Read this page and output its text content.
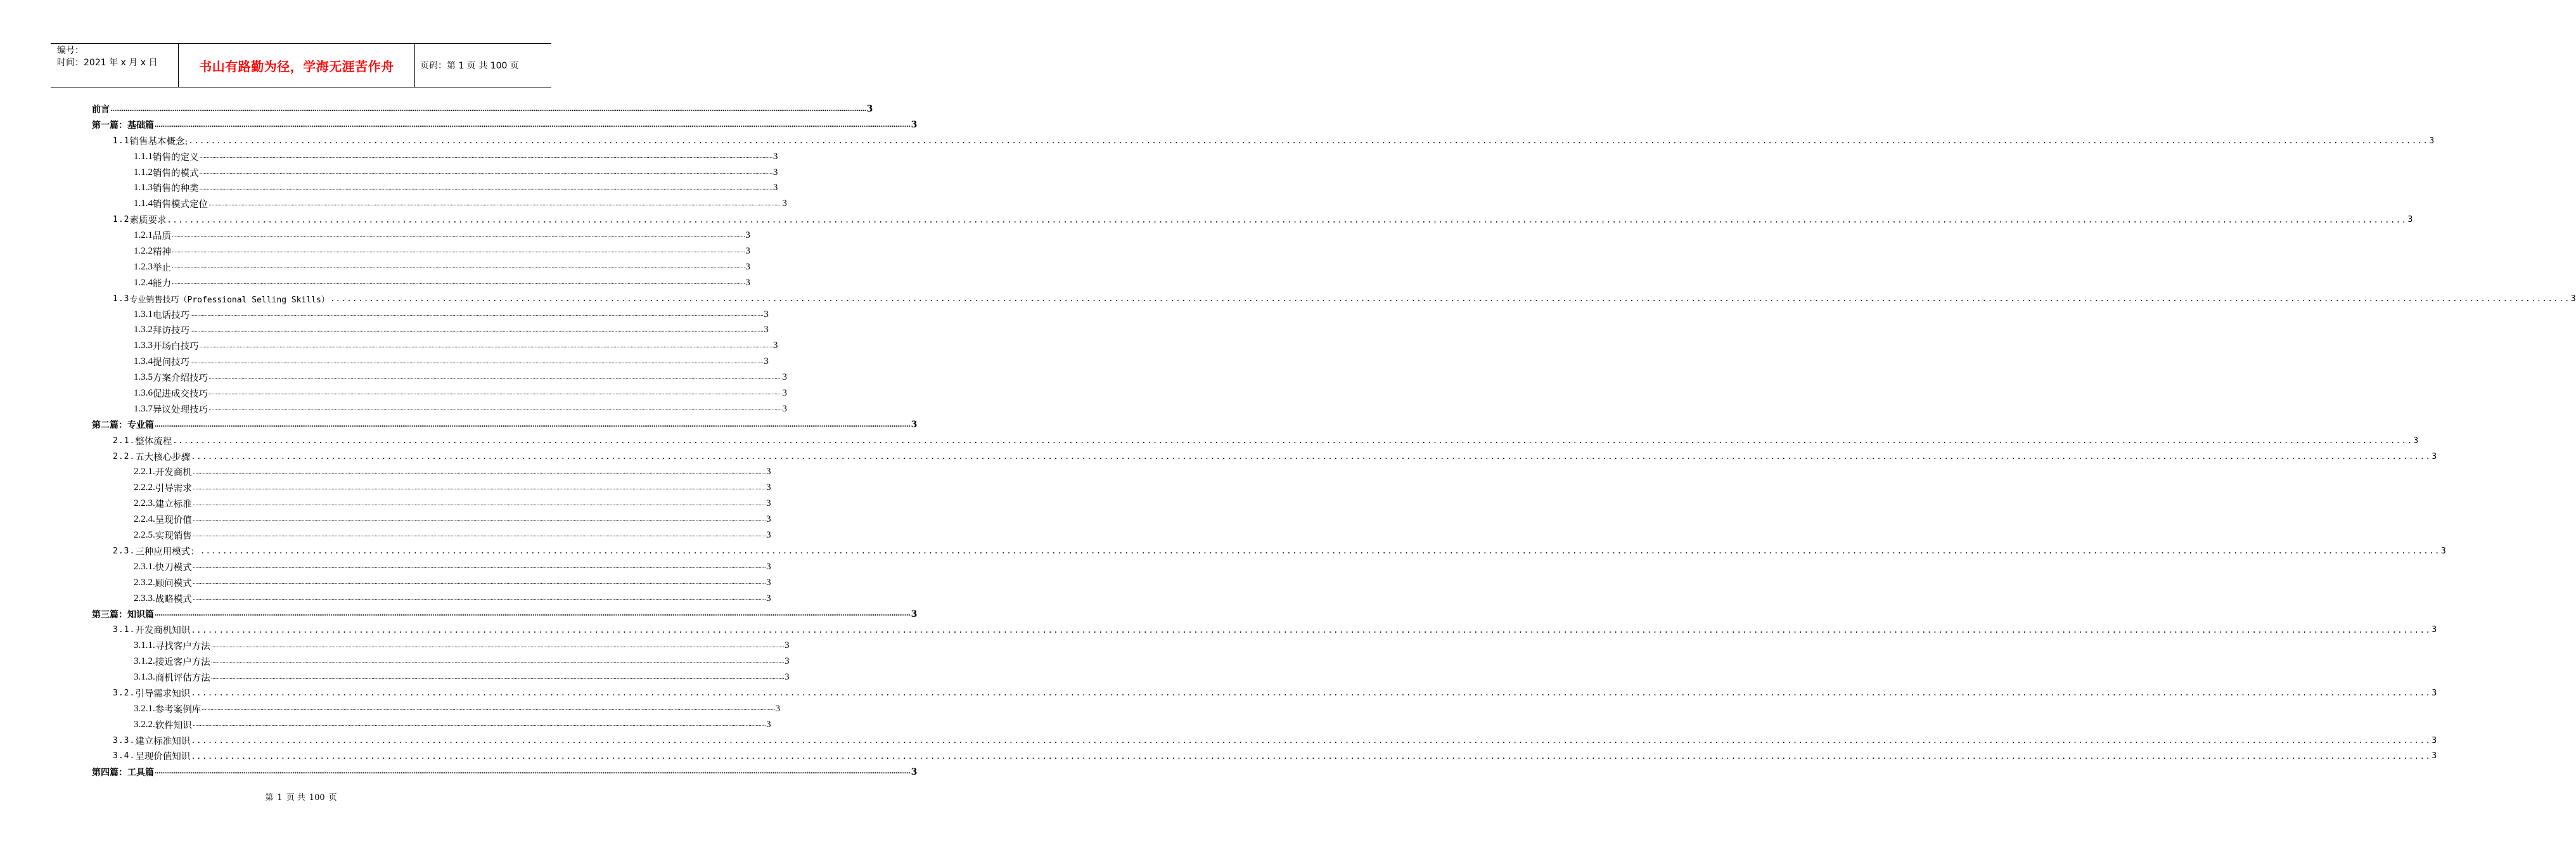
编号：
时间：2021 年 x 月 x 日	书山有路勤为径，学海无涯苦作舟	页码：第 1 页 共 100 页
前言 ................................................................................................................................................................................................................................................................................................................................................................................................................ 3
第一篇：基础篇 ................................................................................................................................................................................................................................................................................................................................................................................................................ 3
1.1 销售基本概念: ................................................................................................................................................................................................................................................................................................................................................................................................................ 3
1.1.1 销售的定义 ................................................................................................................................................................................................................................................................................................................................................................................................................ 3
1.1.2 销售的模式 ................................................................................................................................................................................................................................................................................................................................................................................................................ 3
1.1.3 销售的种类 ................................................................................................................................................................................................................................................................................................................................................................................................................ 3
1.1.4 销售模式定位 ................................................................................................................................................................................................................................................................................................................................................................................................................ 3
1.2 素质要求 ................................................................................................................................................................................................................................................................................................................................................................................................................ 3
1.2.1 品质 ................................................................................................................................................................................................................................................................................................................................................................................................................ 3
1.2.2 精神 ................................................................................................................................................................................................................................................................................................................................................................................................................ 3
1.2.3 举止 ................................................................................................................................................................................................................................................................................................................................................................................................................ 3
1.2.4 能力 ................................................................................................................................................................................................................................................................................................................................................................................................................ 3
1.3 专业销售技巧（Professional Selling Skills） ................................................................................................................................................................................................................................................................................................................................................................................................................ 3
1.3.1 电话技巧 ................................................................................................................................................................................................................................................................................................................................................................................................................ 3
1.3.2 拜访技巧 ................................................................................................................................................................................................................................................................................................................................................................................................................ 3
1.3.3 开场白技巧 ................................................................................................................................................................................................................................................................................................................................................................................................................ 3
1.3.4 提问技巧 ................................................................................................................................................................................................................................................................................................................................................................................................................ 3
1.3.5 方案介绍技巧 ................................................................................................................................................................................................................................................................................................................................................................................................................ 3
1.3.6 促进成交技巧 ................................................................................................................................................................................................................................................................................................................................................................................................................ 3
1.3.7 异议处理技巧 ................................................................................................................................................................................................................................................................................................................................................................................................................ 3
第二篇：专业篇 ................................................................................................................................................................................................................................................................................................................................................................................................................ 3
2.1. 整体流程 ................................................................................................................................................................................................................................................................................................................................................................................................................ 3
2.2. 五大核心步骤 ................................................................................................................................................................................................................................................................................................................................................................................................................ 3
2.2.1. 开发商机 ................................................................................................................................................................................................................................................................................................................................................................................................................ 3
2.2.2. 引导需求 ................................................................................................................................................................................................................................................................................................................................................................................................................ 3
2.2.3. 建立标准 ................................................................................................................................................................................................................................................................................................................................................................................................................ 3
2.2.4. 呈现价值 ................................................................................................................................................................................................................................................................................................................................................................................................................ 3
2.2.5. 实现销售 ................................................................................................................................................................................................................................................................................................................................................................................................................ 3
2.3. 三种应用模式： ................................................................................................................................................................................................................................................................................................................................................................................................................ 3
2.3.1. 快刀模式 ................................................................................................................................................................................................................................................................................................................................................................................................................ 3
2.3.2. 顾问模式 ................................................................................................................................................................................................................................................................................................................................................................................................................ 3
2.3.3. 战略模式 ................................................................................................................................................................................................................................................................................................................................................................................................................ 3
第三篇：知识篇 ................................................................................................................................................................................................................................................................................................................................................................................................................ 3
3.1. 开发商机知识 ................................................................................................................................................................................................................................................................................................................................................................................................................ 3
3.1.1. 寻找客户方法 ................................................................................................................................................................................................................................................................................................................................................................................................................ 3
3.1.2. 接近客户方法 ................................................................................................................................................................................................................................................................................................................................................................................................................ 3
3.1.3. 商机评估方法 ................................................................................................................................................................................................................................................................................................................................................................................................................ 3
3.2. 引导需求知识 ................................................................................................................................................................................................................................................................................................................................................................................................................ 3
3.2.1. 参考案例库 ................................................................................................................................................................................................................................................................................................................................................................................................................ 3
3.2.2. 软件知识 ................................................................................................................................................................................................................................................................................................................................................................................................................ 3
3.3. 建立标准知识 ................................................................................................................................................................................................................................................................................................................................................................................................................ 3
3.4. 呈现价值知识 ................................................................................................................................................................................................................................................................................................................................................................................................................ 3
第四篇：工具篇 ................................................................................................................................................................................................................................................................................................................................................................................................................ 3
第 1 页 共 100 页
